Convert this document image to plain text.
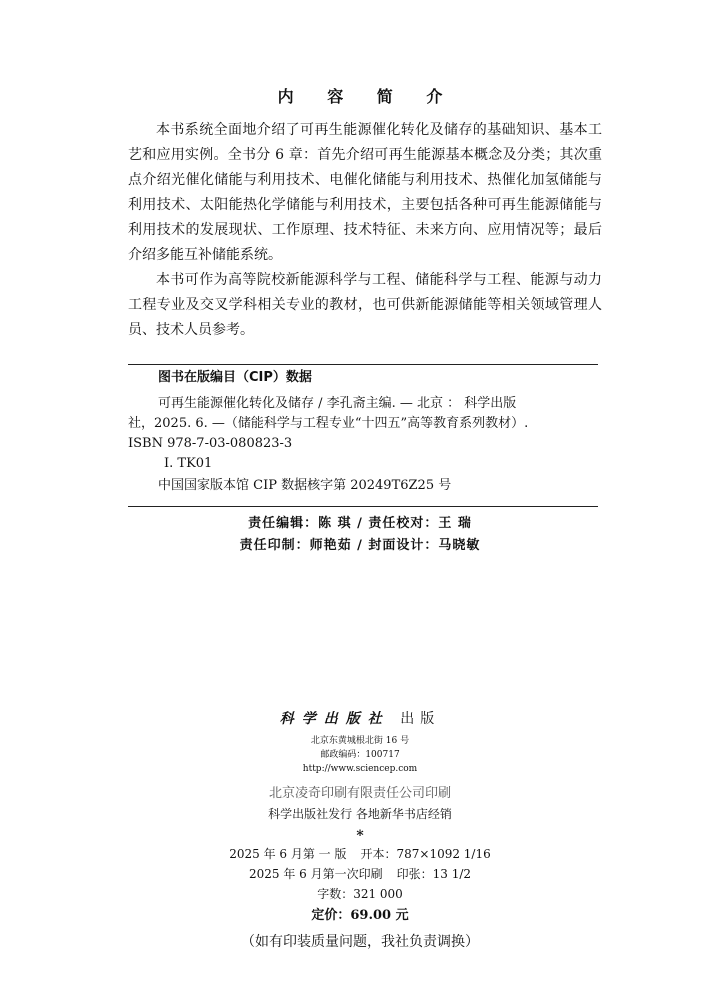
内 容 简 介

本书系统全面地介绍了可再生能源催化转化及储存的基础知识、基本工艺和应用实例。全书分 6 章：首先介绍可再生能源基本概念及分类；其次重点介绍光催化储能与利用技术、电催化储能与利用技术、热催化加氢储能与利用技术、太阳能热化学储能与利用技术，主要包括各种可再生能源储能与利用技术的发展现状、工作原理、技术特征、未来方向、应用情况等；最后介绍多能互补储能系统。

本书可作为高等院校新能源科学与工程、储能科学与工程、能源与动力工程专业及交叉学科相关专业的教材，也可供新能源储能等相关领域管理人员、技术人员参考。

图书在版编目（CIP）数据
可再生能源催化转化及储存 / 李孔斋主编. — 北京 ： 科学出版
社，2025. 6. —（储能科学与工程专业“十四五”高等教育系列教材）.
ISBN 978-7-03-080823-3
Ⅰ. TK01
中国国家版本馆 CIP 数据核字第 20249T6Z25 号
责任编辑：陈 琪 / 责任校对：王 瑞
责任印制：师艳茹 / 封面设计：马晓敏
科学出版社 出版
北京东黄城根北街 16 号
邮政编码：100717
http://www.sciencep.com
北京凌奇印刷有限责任公司印刷
科学出版社发行 各地新华书店经销
*
2025 年 6 月第 一 版 开本：787×1092 1/16
2025 年 6 月第一次印刷 印张：13 1/2
字数：321 000
定价：69.00 元
（如有印装质量问题，我社负责调换）
